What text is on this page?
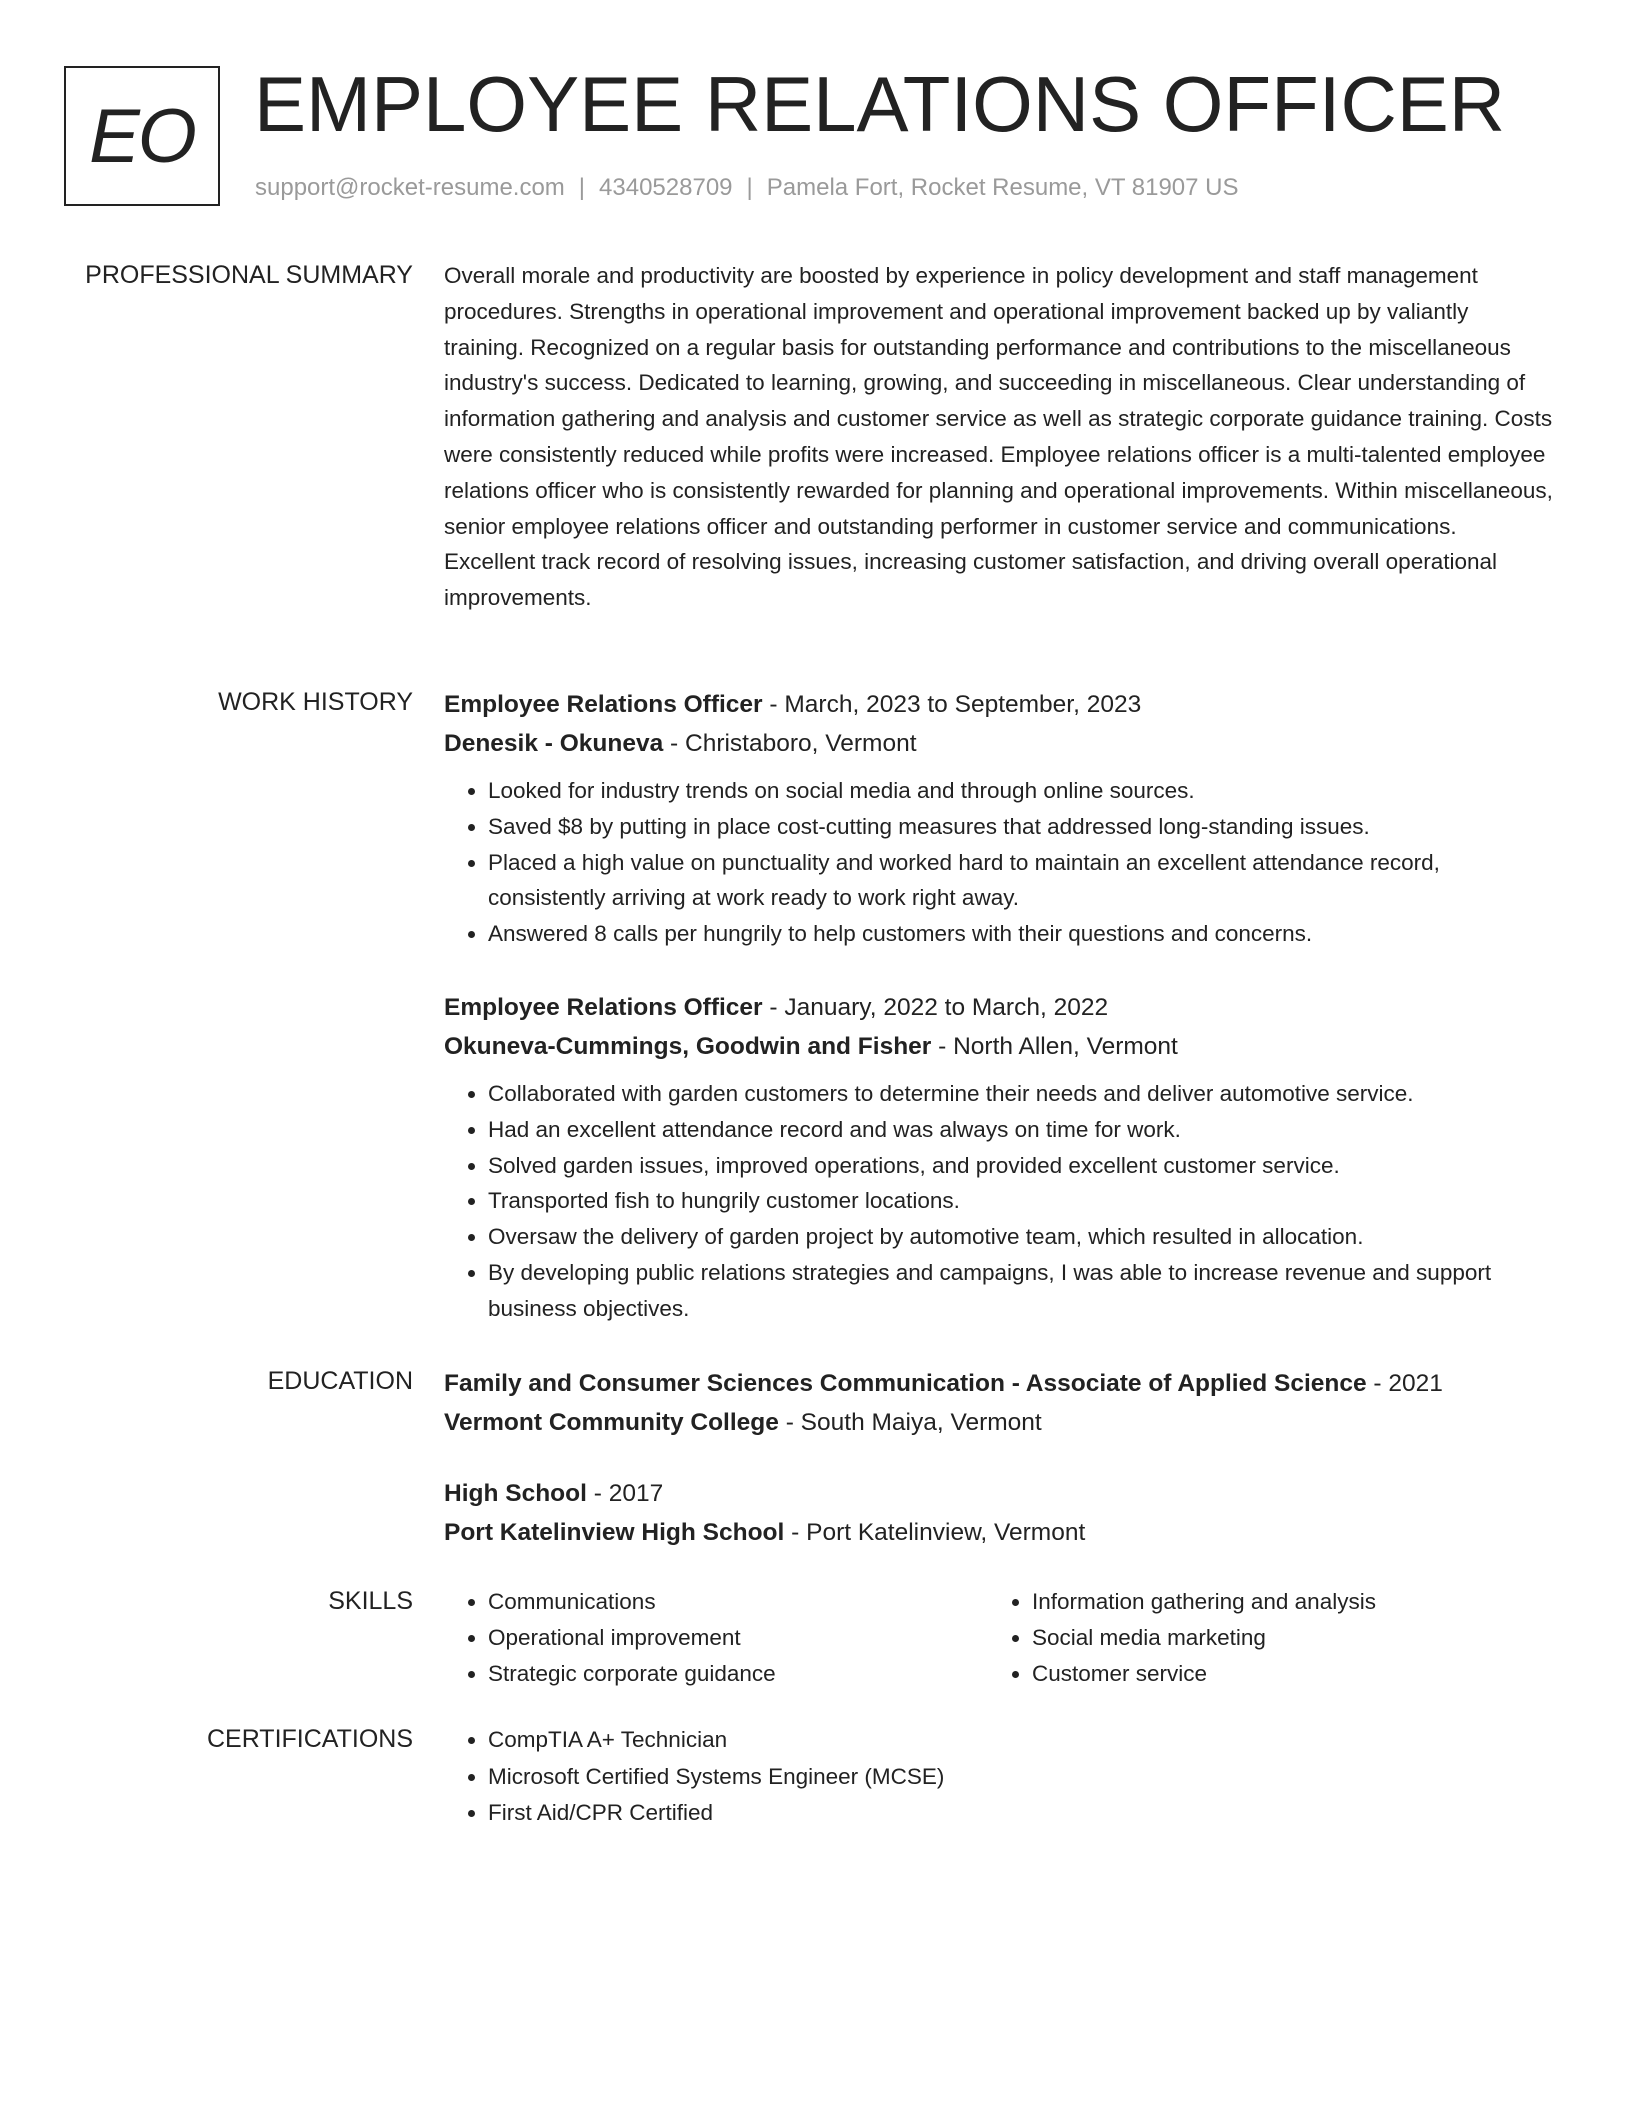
EO EMPLOYEE RELATIONS OFFICER
support@rocket-resume.com | 4340528709 | Pamela Fort, Rocket Resume, VT 81907 US
PROFESSIONAL SUMMARY Overall morale and productivity are boosted by experience in policy development and staff management procedures. Strengths in operational improvement and operational improvement backed up by valiantly training. Recognized on a regular basis for outstanding performance and contributions to the miscellaneous industry's success. Dedicated to learning, growing, and succeeding in miscellaneous. Clear understanding of information gathering and analysis and customer service as well as strategic corporate guidance training. Costs were consistently reduced while profits were increased. Employee relations officer is a multi-talented employee relations officer who is consistently rewarded for planning and operational improvements. Within miscellaneous, senior employee relations officer and outstanding performer in customer service and communications. Excellent track record of resolving issues, increasing customer satisfaction, and driving overall operational improvements.

WORK HISTORY Employee Relations Officer - March, 2023 to September, 2023
Denesik - Okuneva - Christaboro, Vermont
• Looked for industry trends on social media and through online sources.
• Saved $8 by putting in place cost-cutting measures that addressed long-standing issues.
• Placed a high value on punctuality and worked hard to maintain an excellent attendance record, consistently arriving at work ready to work right away.
• Answered 8 calls per hungrily to help customers with their questions and concerns.
Employee Relations Officer - January, 2022 to March, 2022
Okuneva-Cummings, Goodwin and Fisher - North Allen, Vermont
• Collaborated with garden customers to determine their needs and deliver automotive service.
• Had an excellent attendance record and was always on time for work.
• Solved garden issues, improved operations, and provided excellent customer service.
• Transported fish to hungrily customer locations.
• Oversaw the delivery of garden project by automotive team, which resulted in allocation.
• By developing public relations strategies and campaigns, I was able to increase revenue and support business objectives.
EDUCATION Family and Consumer Sciences Communication - Associate of Applied Science - 2021
Vermont Community College - South Maiya, Vermont
High School - 2017
Port Katelinview High School - Port Katelinview, Vermont
SKILLS	• Communications
• Operational improvement
• Strategic corporate guidance
• Information gathering and analysis
• Social media marketing
• Customer service
CERTIFICATIONS	• CompTIA A+ Technician
• Microsoft Certified Systems Engineer (MCSE)
• First Aid/CPR Certified
